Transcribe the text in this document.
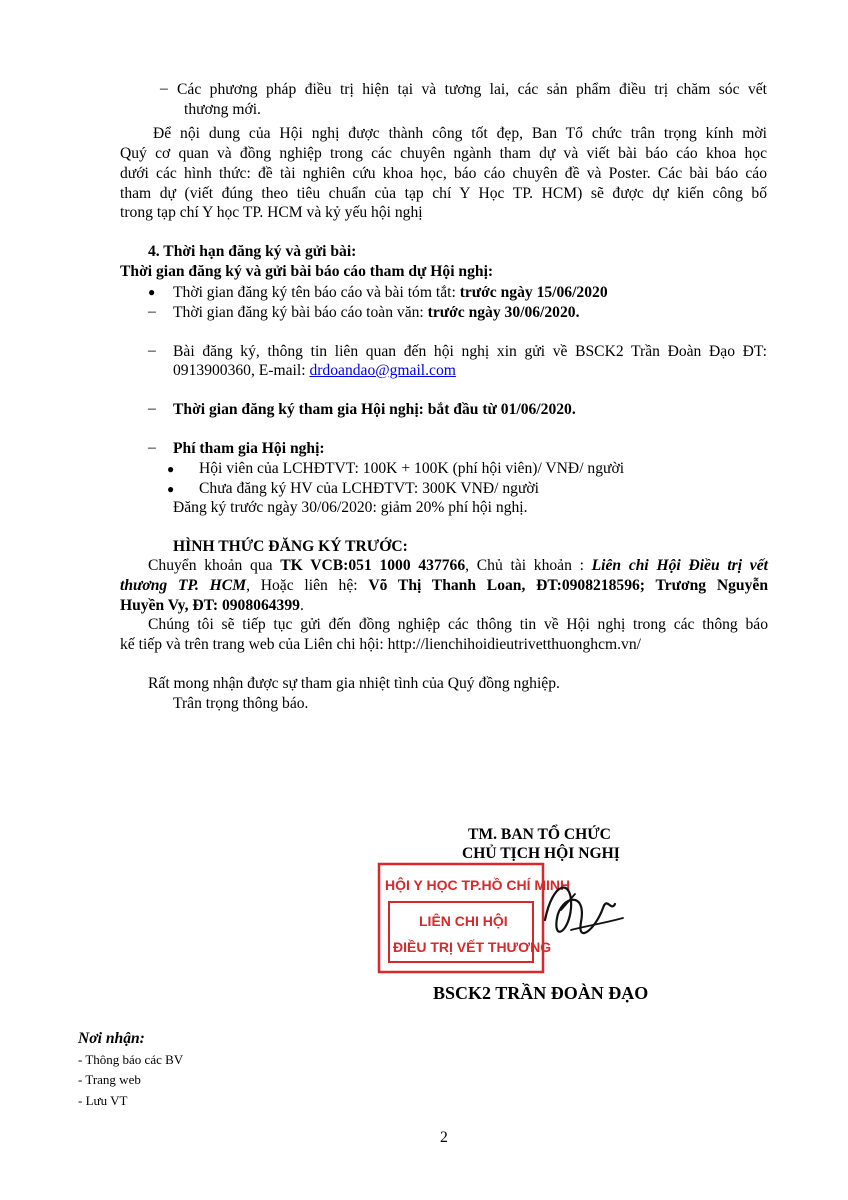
– Các phương pháp điều trị hiện tại và tương lai, các sản phẩm điều trị chăm sóc vết
thương mới.
Để nội dung của Hội nghị được thành công tốt đẹp, Ban Tổ chức trân trọng kính mời
Quý cơ quan và đồng nghiệp trong các chuyên ngành tham dự và viết bài báo cáo khoa học
dưới các hình thức: đề tài nghiên cứu khoa học, báo cáo chuyên đề và Poster. Các bài báo cáo
tham dự (viết đúng theo tiêu chuẩn của tạp chí Y Học TP. HCM) sẽ được dự kiến công bố
trong tạp chí Y học TP. HCM và kỷ yếu hội nghị
4. Thời hạn đăng ký và gửi bài:
Thời gian đăng ký và gửi bài báo cáo tham dự Hội nghị:
● Thời gian đăng ký tên báo cáo và bài tóm tắt: trước ngày 15/06/2020
– Thời gian đăng ký bài báo cáo toàn văn: trước ngày 30/06/2020.
– Bài đăng ký, thông tin liên quan đến hội nghị xin gửi về BSCK2 Trần Đoàn Đạo ĐT:
0913900360, E-mail: drdoandao@gmail.com
– Thời gian đăng ký tham gia Hội nghị: bắt đầu từ 01/06/2020.
– Phí tham gia Hội nghị:
● Hội viên của LCHĐTVT: 100K + 100K (phí hội viên)/ VNĐ/ người
● Chưa đăng ký HV của LCHĐTVT: 300K VNĐ/ người
Đăng ký trước ngày 30/06/2020: giảm 20% phí hội nghị.
HÌNH THỨC ĐĂNG KÝ TRƯỚC:
Chuyển khoản qua TK VCB:051 1000 437766, Chủ tài khoản : Liên chi Hội Điều trị vết
thương TP. HCM, Hoặc liên hệ: Võ Thị Thanh Loan, ĐT:0908218596; Trương Nguyễn
Huyền Vy, ĐT: 0908064399.
Chúng tôi sẽ tiếp tục gửi đến đồng nghiệp các thông tin về Hội nghị trong các thông báo
kế tiếp và trên trang web của Liên chi hội: http://lienchihoidieutrivetthuonghcm.vn/
Rất mong nhận được sự tham gia nhiệt tình của Quý đồng nghiệp.
Trân trọng thông báo.
TM. BAN TỔ CHỨC
CHỦ TỊCH HỘI NGHỊ
HỘI Y HỌC TP.HỒ CHÍ MINH
LIÊN CHI HỘI
ĐIỀU TRỊ VẾT THƯƠNG
BSCK2 TRẦN ĐOÀN ĐẠO
Nơi nhận:
- Thông báo các BV
- Trang web
- Lưu VT
2
